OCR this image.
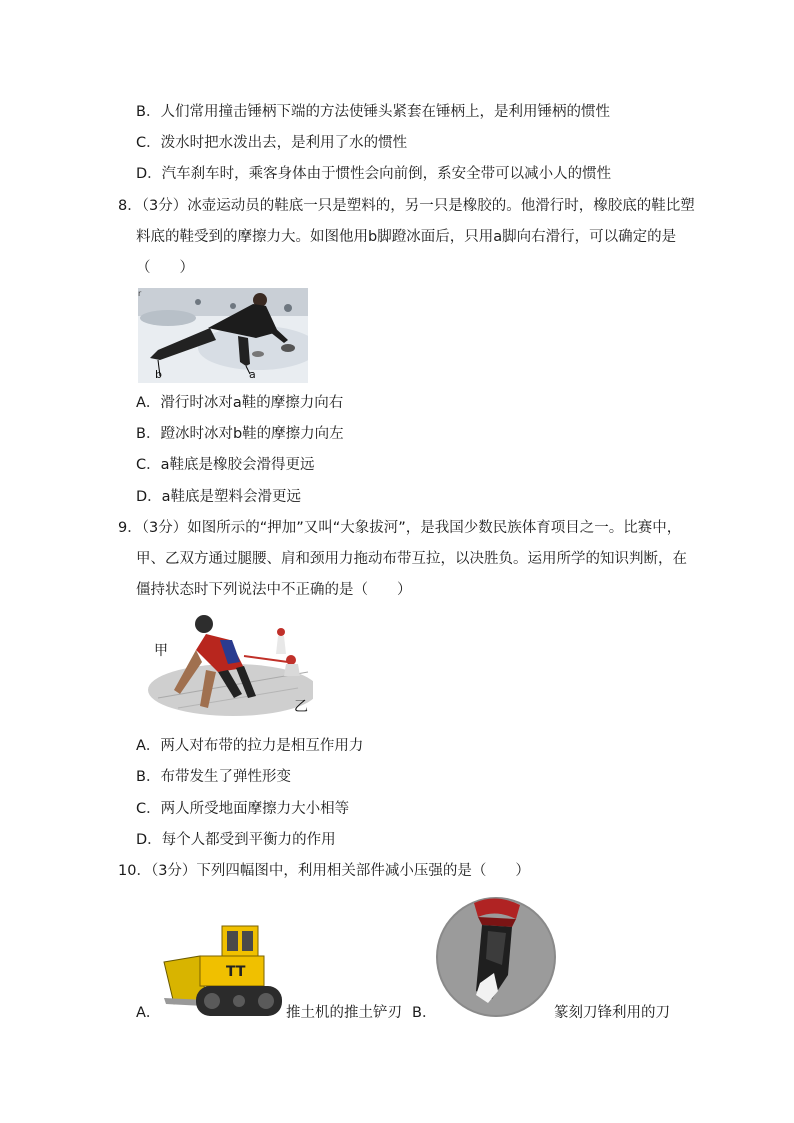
B．人们常用撞击锤柄下端的方法使锤头紧套在锤柄上，是利用锤柄的惯性
C．泼水时把水泼出去，是利用了水的惯性
D．汽车刹车时，乘客身体由于惯性会向前倒，系安全带可以减小人的惯性
8．（3分）冰壶运动员的鞋底一只是塑料的，另一只是橡胶的。他滑行时，橡胶底的鞋比塑
料底的鞋受到的摩擦力大。如图他用b脚蹬冰面后，只用a脚向右滑行，可以确定的是
（　　）
r
b	a
A．滑行时冰对a鞋的摩擦力向右
B．蹬冰时冰对b鞋的摩擦力向左
C．a鞋底是橡胶会滑得更远
D．a鞋底是塑料会滑更远
9．（3分）如图所示的“押加”又叫“大象拔河”，是我国少数民族体育项目之一。比赛中，
甲、乙双方通过腿腰、肩和颈用力拖动布带互拉，以决胜负。运用所学的知识判断，在
僵持状态时下列说法中不正确的是（　　）
甲
乙
A．两人对布带的拉力是相互作用力
B．布带发生了弹性形变
C．两人所受地面摩擦力大小相等
D．每个人都受到平衡力的作用
10．（3分）下列四幅图中，利用相关部件减小压强的是（　　）
A．
TT
推土机的推土铲刃 B．	篆刻刀锋利用的刀
